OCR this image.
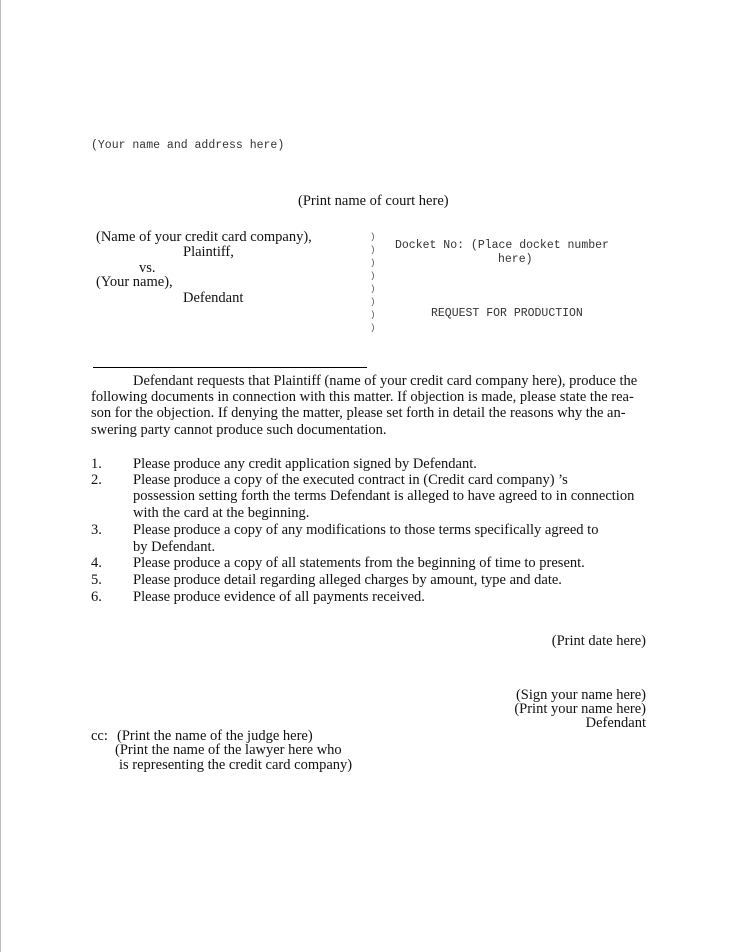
(Your name and address here)
(Print name of court here)
(Name of your credit card company),
Plaintiff,
vs.
(Your name),
Defendant
)
)
)
)
)
)
)
)
Docket No: (Place docket number
here)
REQUEST FOR PRODUCTION
Defendant requests that Plaintiff (name of your credit card company here), produce the
following documents in connection with this matter. If objection is made, please state the rea-
son for the objection. If denying the matter, please set forth in detail the reasons why the an-
swering party cannot produce such documentation.
1. Please produce any credit application signed by Defendant.
2. Please produce a copy of the executed contract in (Credit card company) ’s
possession setting forth the terms Defendant is alleged to have agreed to in connection
with the card at the beginning.
3. Please produce a copy of any modifications to those terms specifically agreed to
by Defendant.
4. Please produce a copy of all statements from the beginning of time to present.
5. Please produce detail regarding alleged charges by amount, type and date.
6. Please produce evidence of all payments received.
(Print date here)
(Sign your name here)
(Print your name here)
Defendant
cc: (Print the name of the judge here)
(Print the name of the lawyer here who
is representing the credit card company)
